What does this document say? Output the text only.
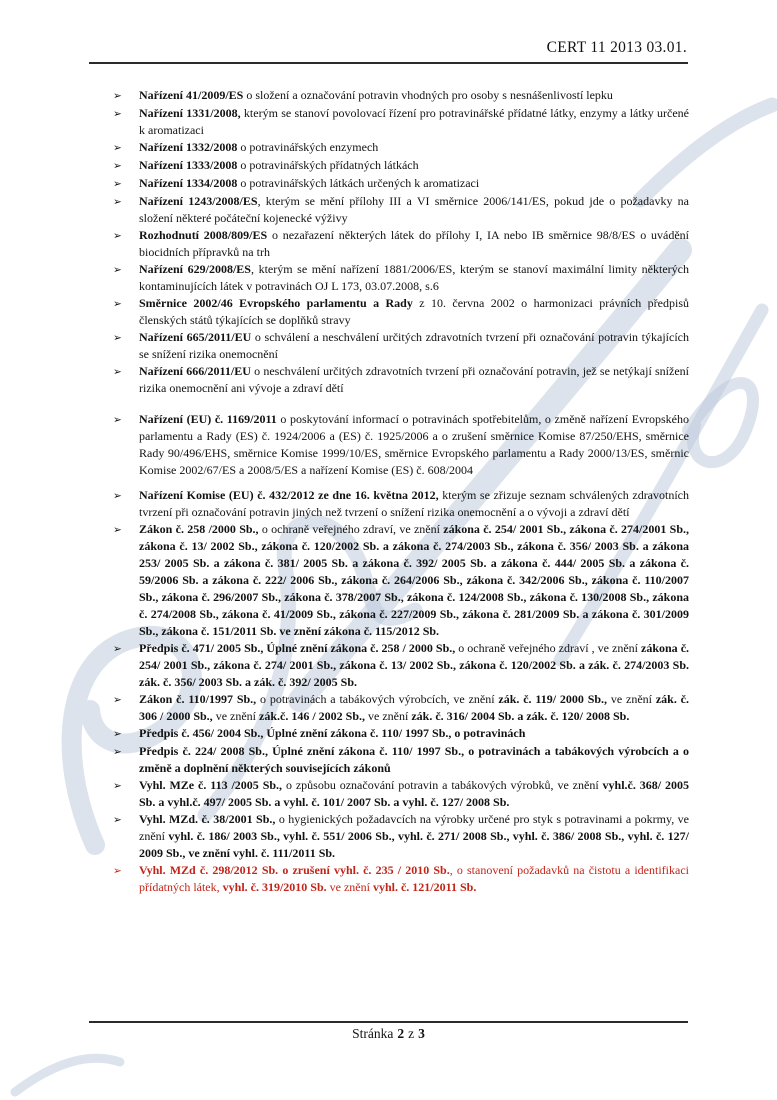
CERT 11 2013 03.01.
➢	Nařízení 41/2009/ES o složení a označování potravin vhodných pro osoby s nesnášenlivostí lepku
➢	Nařízení 1331/2008, kterým se stanoví povolovací řízení pro potravinářské přídatné látky, enzymy a látky určené k aromatizaci
➢	Nařízení 1332/2008 o potravinářských enzymech
➢	Nařízení 1333/2008 o potravinářských přídatných látkách
➢	Nařízení 1334/2008 o potravinářských látkách určených k aromatizaci
➢	Nařízení 1243/2008/ES, kterým se mění přílohy III a VI směrnice 2006/141/ES, pokud jde o požadavky na složení některé počáteční kojenecké výživy
➢	Rozhodnutí 2008/809/ES o nezařazení některých látek do přílohy I, IA nebo IB směrnice 98/8/ES o uvádění biocidních přípravků na trh
➢	Nařízení 629/2008/ES, kterým se mění nařízení 1881/2006/ES, kterým se stanoví maximální limity některých kontaminujících látek v potravinách OJ L 173, 03.07.2008, s.6
➢	Směrnice 2002/46 Evropského parlamentu a Rady z 10. června 2002 o harmonizaci právních předpisů členských států týkajících se doplňků stravy
➢	Nařízení 665/2011/EU o schválení a neschválení určitých zdravotních tvrzení při označování potravin týkajících se snížení rizika onemocnění
➢	Nařízení 666/2011/EU o neschválení určitých zdravotních tvrzení při označování potravin, jež se netýkají snížení rizika onemocnění ani vývoje a zdraví dětí
➢	Nařízení (EU) č. 1169/2011 o poskytování informací o potravinách spotřebitelům, o změně nařízení Evropského parlamentu a Rady (ES) č. 1924/2006 a (ES) č. 1925/2006 a o zrušení směrnice Komise 87/250/EHS, směrnice Rady 90/496/EHS, směrnice Komise 1999/10/ES, směrnice Evropského parlamentu a Rady 2000/13/ES, směrnic Komise 2002/67/ES a 2008/5/ES a nařízení Komise (ES) č. 608/2004
➢	Nařízení Komise (EU) č. 432/2012 ze dne 16. května 2012, kterým se zřizuje seznam schválených zdravotních tvrzení při označování potravin jiných než tvrzení o snížení rizika onemocnění a o vývoji a zdraví dětí
➢	Zákon č. 258 /2000 Sb., o ochraně veřejného zdraví, ve znění zákona č. 254/ 2001 Sb., zákona č. 274/2001 Sb., zákona č. 13/ 2002 Sb., zákona č. 120/2002 Sb. a zákona č. 274/2003 Sb., zákona č. 356/ 2003 Sb. a zákona 253/ 2005 Sb. a zákona č. 381/ 2005 Sb. a zákona č. 392/ 2005 Sb. a zákona č. 444/ 2005 Sb. a zákona č. 59/2006 Sb. a zákona č. 222/ 2006 Sb., zákona č. 264/2006 Sb., zákona č. 342/2006 Sb., zákona č. 110/2007 Sb., zákona č. 296/2007 Sb., zákona č. 378/2007 Sb., zákona č. 124/2008 Sb., zákona č. 130/2008 Sb., zákona č. 274/2008 Sb., zákona č. 41/2009 Sb., zákona č. 227/2009 Sb., zákona č. 281/2009 Sb. a zákona č. 301/2009 Sb., zákona č. 151/2011 Sb. ve znění zákona č. 115/2012 Sb.
➢	Předpis č. 471/ 2005 Sb., Úplné znění zákona č. 258 / 2000 Sb., o ochraně veřejného zdraví , ve znění zákona č. 254/ 2001 Sb., zákona č. 274/ 2001 Sb., zákona č. 13/ 2002 Sb., zákona č. 120/2002 Sb. a zák. č. 274/2003 Sb. zák. č. 356/ 2003 Sb. a zák. č. 392/ 2005 Sb.
➢	Zákon č. 110/1997 Sb., o potravinách a tabákových výrobcích, ve znění zák. č. 119/ 2000 Sb., ve znění zák. č. 306 / 2000 Sb., ve znění zák.č. 146 / 2002 Sb., ve znění zák. č. 316/ 2004 Sb. a zák. č. 120/ 2008 Sb.
➢	Předpis č. 456/ 2004 Sb., Úplné znění zákona č. 110/ 1997 Sb., o potravinách
➢	Předpis č. 224/ 2008 Sb., Úplné znění zákona č. 110/ 1997 Sb., o potravinách a tabákových výrobcích a o změně a doplnění některých souvisejících zákonů
➢	Vyhl. MZe č. 113 /2005 Sb., o způsobu označování potravin a tabákových výrobků, ve znění vyhl.č. 368/ 2005 Sb. a vyhl.č. 497/ 2005 Sb. a vyhl. č. 101/ 2007 Sb. a vyhl. č. 127/ 2008 Sb.
➢	Vyhl. MZd. č. 38/2001 Sb., o hygienických požadavcích na výrobky určené pro styk s potravinami a pokrmy, ve znění vyhl. č. 186/ 2003 Sb., vyhl. č. 551/ 2006 Sb., vyhl. č. 271/ 2008 Sb., vyhl. č. 386/ 2008 Sb., vyhl. č. 127/ 2009 Sb., ve znění vyhl. č. 111/2011 Sb.
➢	Vyhl. MZd č. 298/2012 Sb. o zrušení vyhl. č. 235 / 2010 Sb., o stanovení požadavků na čistotu a identifikaci přídatných látek, vyhl. č. 319/2010 Sb. ve znění vyhl. č. 121/2011 Sb.
Stránka 2 z 3
